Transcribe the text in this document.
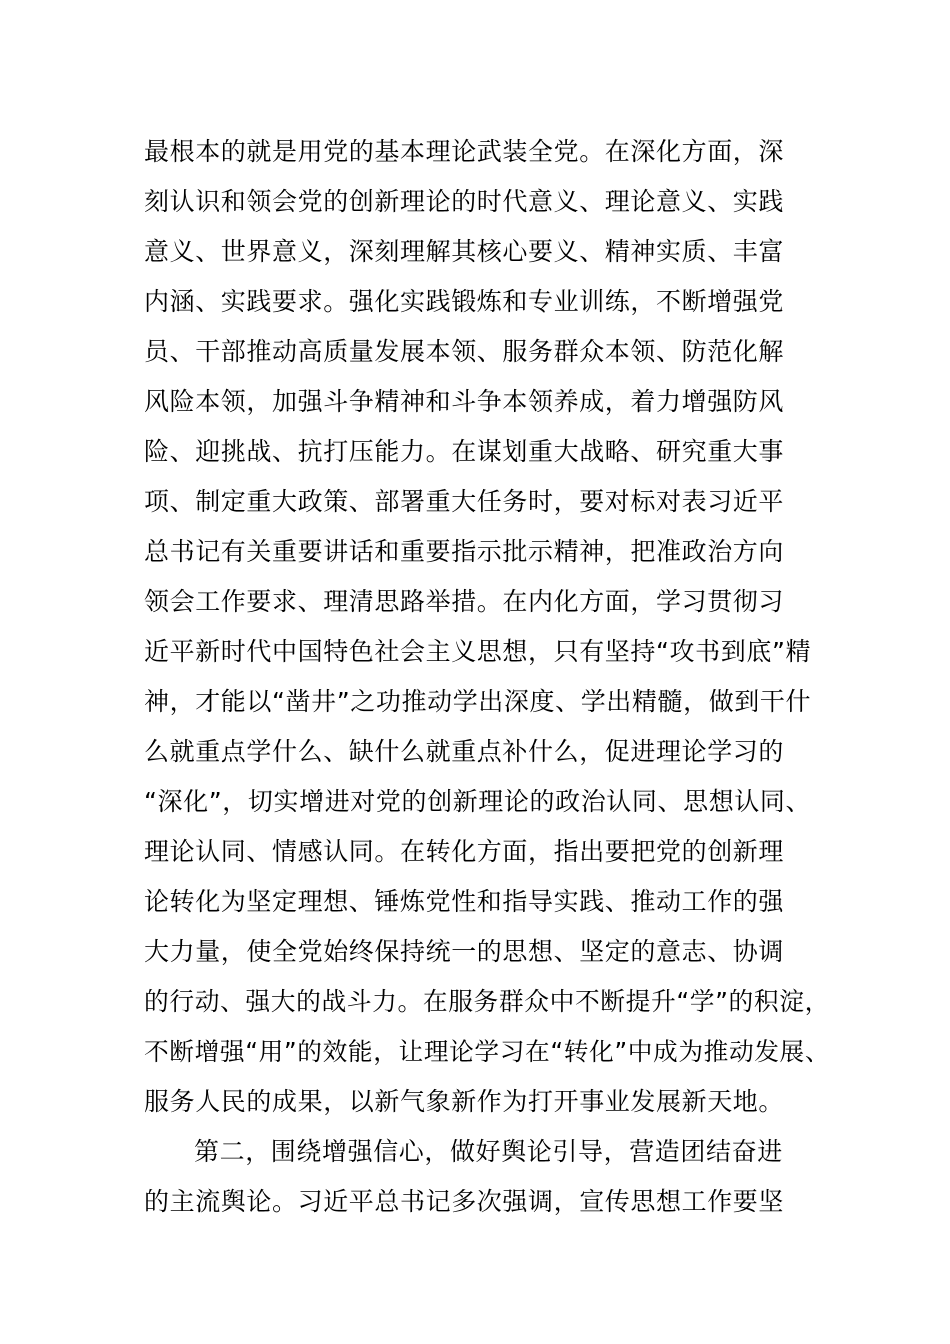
最根本的就是用党的基本理论武装全党。在深化方面，深
刻认识和领会党的创新理论的时代意义、理论意义、实践
意义、世界意义，深刻理解其核心要义、精神实质、丰富
内涵、实践要求。强化实践锻炼和专业训练，不断增强党
员、干部推动高质量发展本领、服务群众本领、防范化解
风险本领，加强斗争精神和斗争本领养成，着力增强防风
险、迎挑战、抗打压能力。在谋划重大战略、研究重大事
项、制定重大政策、部署重大任务时，要对标对表习近平
总书记有关重要讲话和重要指示批示精神，把准政治方向
领会工作要求、理清思路举措。在内化方面，学习贯彻习
近平新时代中国特色社会主义思想，只有坚持“攻书到底”精
神，才能以“凿井”之功推动学出深度、学出精髓，做到干什
么就重点学什么、缺什么就重点补什么，促进理论学习的
“深化”，切实增进对党的创新理论的政治认同、思想认同、
理论认同、情感认同。在转化方面，指出要把党的创新理
论转化为坚定理想、锤炼党性和指导实践、推动工作的强
大力量，使全党始终保持统一的思想、坚定的意志、协调
的行动、强大的战斗力。在服务群众中不断提升“学”的积淀，
不断增强“用”的效能，让理论学习在“转化”中成为推动发展、
服务人民的成果，以新气象新作为打开事业发展新天地。
第二，围绕增强信心，做好舆论引导，营造团结奋进
的主流舆论。习近平总书记多次强调，宣传思想工作要坚
